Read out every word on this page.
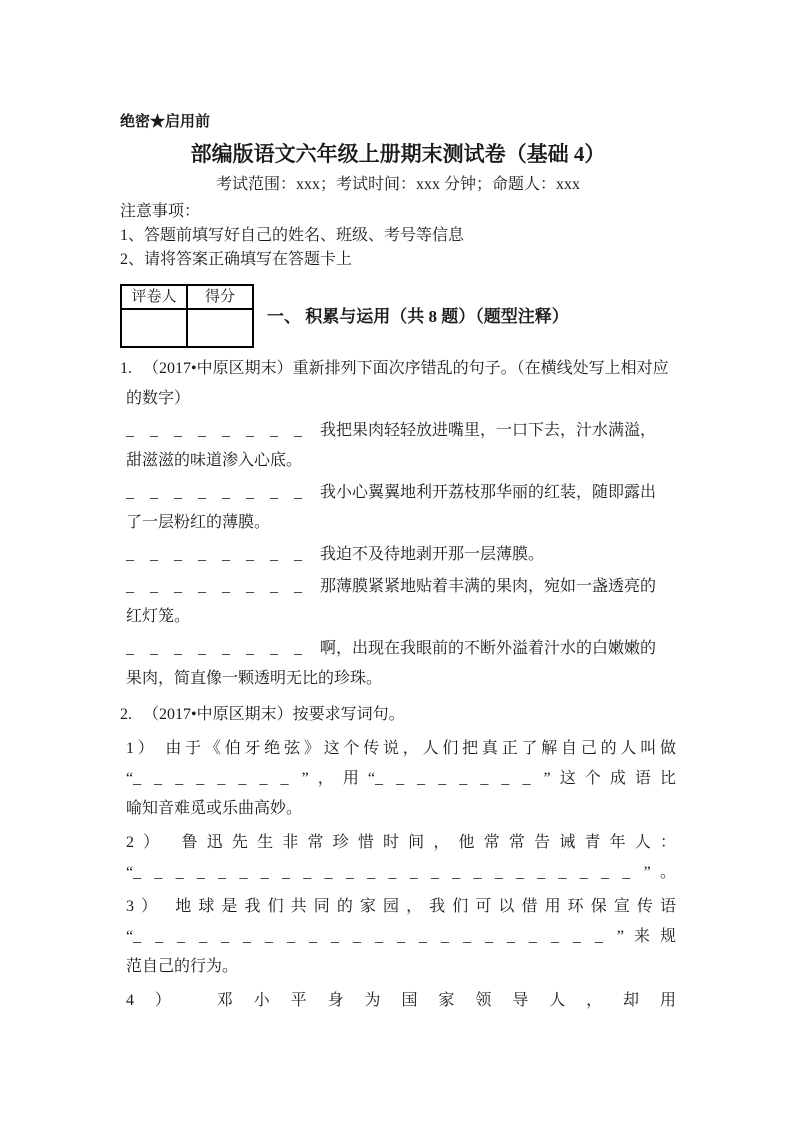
绝密★启用前
部编版语文六年级上册期末测试卷（基础 4）
考试范围：xxx；考试时间：xxx 分钟；命题人：xxx
注意事项：
1、答题前填写好自己的姓名、班级、考号等信息
2、请将答案正确填写在答题卡上
评卷人	得分

一、 积累与运用（共 8 题）（题型注释）
1. （2017•中原区期末）重新排列下面次序错乱的句子。（在横线处写上相对应
的数字）
_ _ _ _ _ _ _ _ 我把果肉轻轻放进嘴里，一口下去，汁水满溢，
甜滋滋的味道渗入心底。
_ _ _ _ _ _ _ _ 我小心翼翼地利开荔枝那华丽的红装，随即露出
了一层粉红的薄膜。
_ _ _ _ _ _ _ _ 我迫不及待地剥开那一层薄膜。
_ _ _ _ _ _ _ _ 那薄膜紧紧地贴着丰满的果肉，宛如一盏透亮的
红灯笼。
_ _ _ _ _ _ _ _ 啊，出现在我眼前的不断外溢着汁水的白嫩嫩的
果肉，简直像一颗透明无比的珍珠。
2. （2017•中原区期末）按要求写词句。
1） 由于《伯牙绝弦》这个传说，人们把真正了解自己的人叫做
“_ _ _ _ _ _ _ _ ”，用“_ _ _ _ _ _ _ _ ”这个成语比
喻知音难觅或乐曲高妙。
2） 鲁迅先生非常珍惜时间，他常常告诫青年人：
“_ _ _ _ _ _ _ _ _ _ _ _ _ _ _ _ _ _ _ _ _ _ _ _ ”。
3） 地球是我们共同的家园，我们可以借用环保宣传语
“_ _ _ _ _ _ _ _ _ _ _ _ _ _ _ _ _ _ _ _ _ _ ”来规
范自己的行为。
4） 邓小平身为国家领导人，却用
